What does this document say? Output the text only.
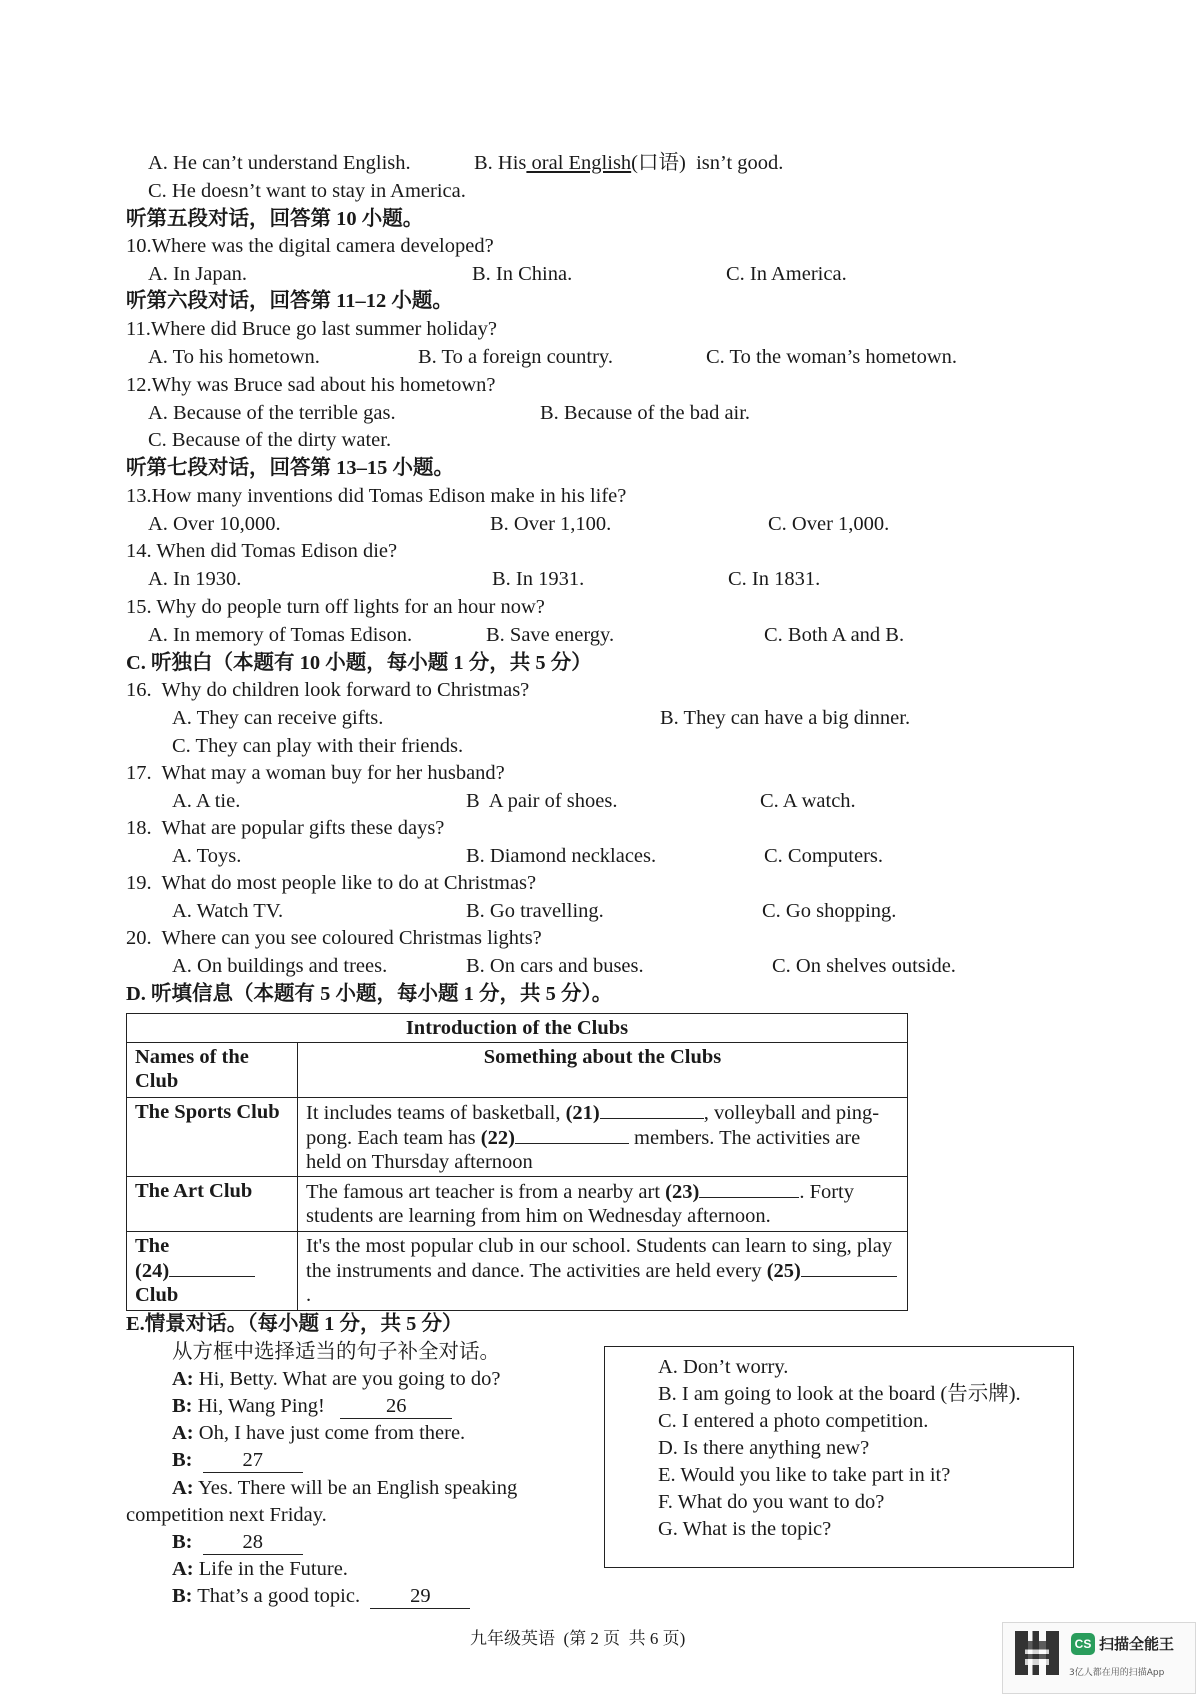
A. He can’t understand English.	B. His oral English(口语)  isn’t good.
C. He doesn’t want to stay in America.
听第五段对话，回答第 10 小题。
10.Where was the digital camera developed?
A. In Japan.	B. In China.	C. In America.
听第六段对话，回答第 11–12 小题。
11.Where did Bruce go last summer holiday?
A. To his hometown.	B. To a foreign country.	C. To the woman’s hometown.
12.Why was Bruce sad about his hometown?
A. Because of the terrible gas.	B. Because of the bad air.
C. Because of the dirty water.
听第七段对话，回答第 13–15 小题。
13.How many inventions did Tomas Edison make in his life?
A. Over 10,000.	B. Over 1,100.	C. Over 1,000.
14. When did Tomas Edison die?
A. In 1930.	B. In 1931.	C. In 1831.
15. Why do people turn off lights for an hour now?
A. In memory of Tomas Edison.	B. Save energy.	C. Both A and B.
C. 听独白（本题有 10 小题，每小题 1 分，共 5 分）
16.  Why do children look forward to Christmas?
A. They can receive gifts.	B. They can have a big dinner.
C. They can play with their friends.
17.  What may a woman buy for her husband?
A. A tie.	B  A pair of shoes.	C. A watch.
18.  What are popular gifts these days?
A. Toys.	B. Diamond necklaces.	C. Computers.
19.  What do most people like to do at Christmas?
A. Watch TV.	B. Go travelling.	C. Go shopping.
20.  Where can you see coloured Christmas lights?
A. On buildings and trees.	B. On cars and buses.	C. On shelves outside.
D. 听填信息（本题有 5 小题，每小题 1 分，共 5 分）。
Introduction of the Clubs	
Names of the Club	Something about the Clubs
The Sports Club	It includes teams of basketball, (21) , volleyball and ping-pong. Each team has (22) members. The activities are held on Thursday afternoon
The Art Club	The famous art teacher is from a nearby art (23) . Forty students are learning from him on Wednesday afternoon.
The
(24)
Club	It's the most popular club in our school. Students can learn to sing, play the instruments and dance. The activities are held every (25).
E.情景对话。（每小题 1 分，共 5 分）
从方框中选择适当的句子补全对话。
A: Hi, Betty. What are you going to do?
B: Hi, Wang Ping!	26
A: Oh, I have just come from there.
B: 27
A: Yes. There will be an English speaking
competition next Friday.
B: 28
A: Life in the Future.
B: That’s a good topic. 29
A. Don’t worry.
B. I am going to look at the board (告示牌).
C. I entered a photo competition.
D. Is there anything new?
E. Would you like to take part in it?
F. What do you want to do?
G. What is the topic?
九年级英语  (第 2 页  共 6 页)	CS 扫描全能王
3亿人都在用的扫描App
